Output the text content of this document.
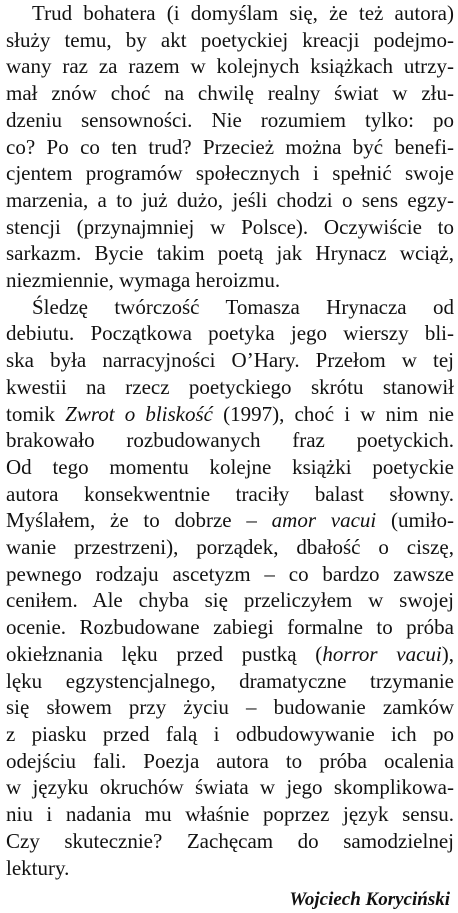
Trud bohatera (i domyślam się, że też autora)
służy temu, by akt poetyckiej kreacji podejmo-
wany raz za razem w kolejnych książkach utrzy-
mał znów choć na chwilę realny świat w złu-
dzeniu sensowności. Nie rozumiem tylko: po
co? Po co ten trud? Przecież można być benefi-
cjentem programów społecznych i spełnić swoje
marzenia, a to już dużo, jeśli chodzi o sens egzy-
stencji (przynajmniej w Polsce). Oczywiście to
sarkazm. Bycie takim poetą jak Hrynacz wciąż,
niezmiennie, wymaga heroizmu.
Śledzę twórczość Tomasza Hrynacza od
debiutu. Początkowa poetyka jego wierszy bli-
ska była narracyjności O’Hary. Przełom w tej
kwestii na rzecz poetyckiego skrótu stanowił
tomik Zwrot o bliskość (1997), choć i w nim nie
brakowało rozbudowanych fraz poetyckich.
Od tego momentu kolejne książki poetyckie
autora konsekwentnie traciły balast słowny.
Myślałem, że to dobrze – amor vacui (umiło-
wanie przestrzeni), porządek, dbałość o ciszę,
pewnego rodzaju ascetyzm – co bardzo zawsze
ceniłem. Ale chyba się przeliczyłem w swojej
ocenie. Rozbudowane zabiegi formalne to próba
okiełznania lęku przed pustką (horror vacui),
lęku egzystencjalnego, dramatyczne trzymanie
się słowem przy życiu – budowanie zamków
z piasku przed falą i odbudowywanie ich po
odejściu fali. Poezja autora to próba ocalenia
w języku okruchów świata w jego skomplikowa-
niu i nadania mu właśnie poprzez język sensu.
Czy skutecznie? Zachęcam do samodzielnej
lektury.
Wojciech Koryciński
